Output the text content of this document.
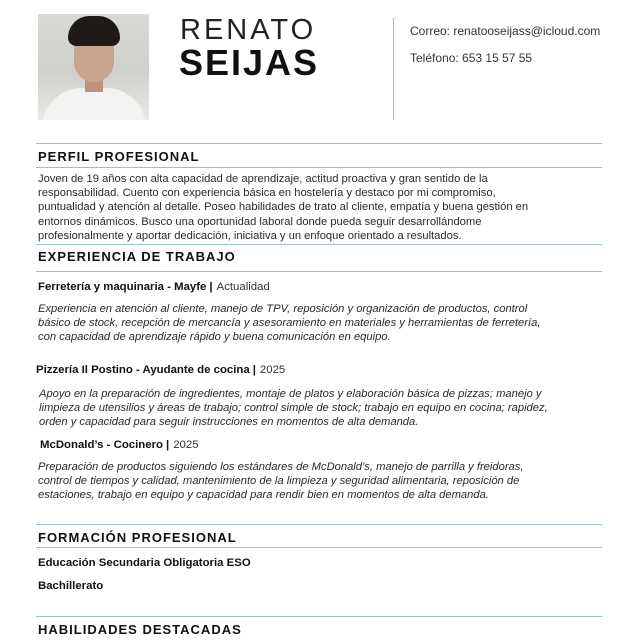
RENATO
SEIJAS
Correo: renatooseijass@icloud.com
Teléfono: 653 15 57 55
PERFIL PROFESIONAL
Joven de 19 años con alta capacidad de aprendizaje, actitud proactiva y gran sentido de la
responsabilidad. Cuento con experiencia básica en hostelería y destaco por mi compromiso,
puntualidad y atención al detalle. Poseo habilidades de trato al cliente, empatía y buena gestión en
entornos dinámicos. Busco una oportunidad laboral donde pueda seguir desarrollándome
profesionalmente y aportar dedicación, iniciativa y un enfoque orientado a resultados.
EXPERIENCIA DE TRABAJO
Ferretería y maquinaria - Mayfe | Actualidad
Experiencia en atención al cliente, manejo de TPV, reposición y organización de productos, control
básico de stock, recepción de mercancía y asesoramiento en materiales y herramientas de ferretería,
con capacidad de aprendizaje rápido y buena comunicación en equipo.
Pizzería Il Postino - Ayudante de cocina | 2025
Apoyo en la preparación de ingredientes, montaje de platos y elaboración básica de pizzas; manejo y
limpieza de utensilios y áreas de trabajo; control simple de stock; trabajo en equipo en cocina; rapidez,
orden y capacidad para seguir instrucciones en momentos de alta demanda.
McDonald’s - Cocinero | 2025
Preparación de productos siguiendo los estándares de McDonald’s, manejo de parrilla y freidoras,
control de tiempos y calidad, mantenimiento de la limpieza y seguridad alimentaria, reposición de
estaciones, trabajo en equipo y capacidad para rendir bien en momentos de alta demanda.
FORMACIÓN PROFESIONAL
Educación Secundaria Obligatoria ESO
Bachillerato
HABILIDADES DESTACADAS
